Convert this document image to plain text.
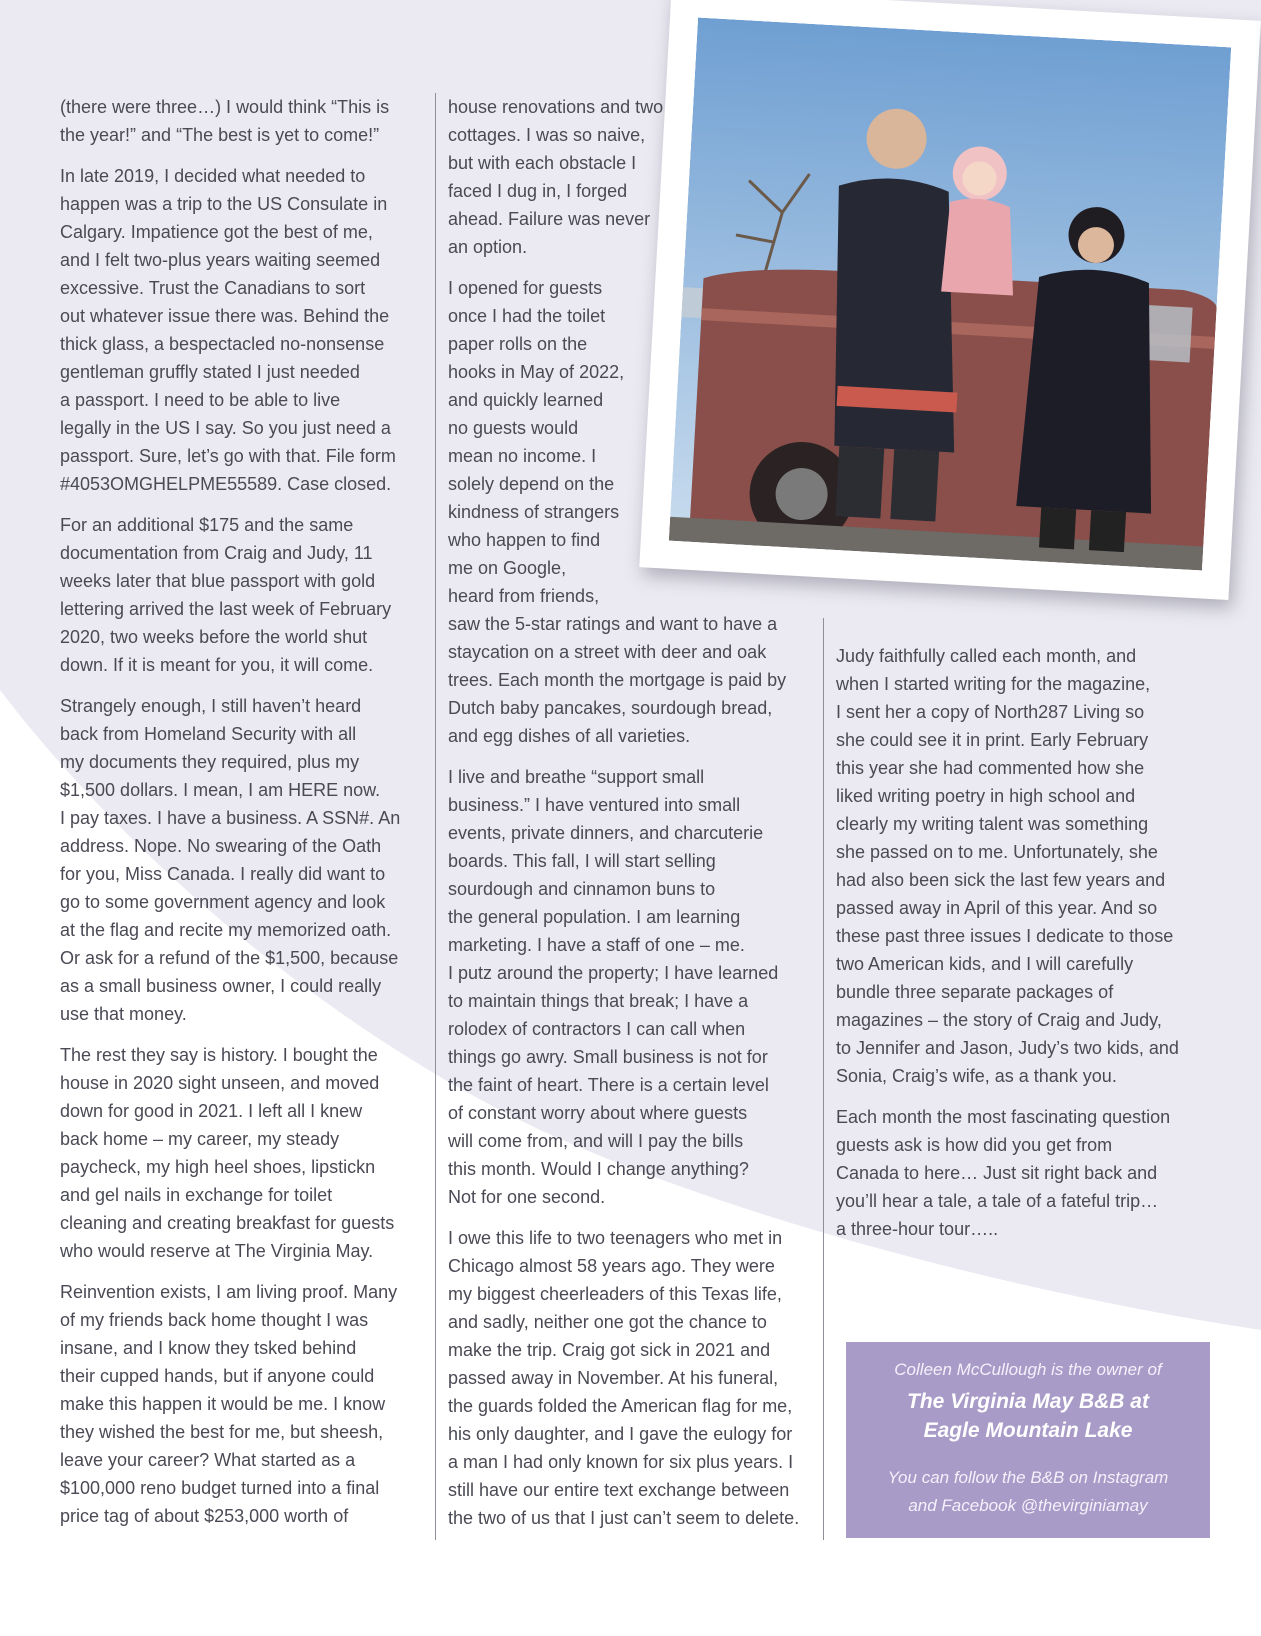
(there were three…) I would think “This is
the year!” and “The best is yet to come!”

In late 2019, I decided what needed to
happen was a trip to the US Consulate in
Calgary. Impatience got the best of me,
and I felt two-plus years waiting seemed
excessive. Trust the Canadians to sort
out whatever issue there was. Behind the
thick glass, a bespectacled no-nonsense
gentleman gruffly stated I just needed
a passport. I need to be able to live
legally in the US I say. So you just need a
passport. Sure, let’s go with that. File form
#4053OMGHELPME55589. Case closed.

For an additional $175 and the same
documentation from Craig and Judy, 11
weeks later that blue passport with gold
lettering arrived the last week of February
2020, two weeks before the world shut
down. If it is meant for you, it will come.

Strangely enough, I still haven’t heard
back from Homeland Security with all
my documents they required, plus my
$1,500 dollars. I mean, I am HERE now.
I pay taxes. I have a business. A SSN#. An
address. Nope. No swearing of the Oath
for you, Miss Canada. I really did want to
go to some government agency and look
at the flag and recite my memorized oath.
Or ask for a refund of the $1,500, because
as a small business owner, I could really
use that money.

The rest they say is history. I bought the
house in 2020 sight unseen, and moved
down for good in 2021. I left all I knew
back home – my career, my steady
paycheck, my high heel shoes, lipstickn
and gel nails in exchange for toilet
cleaning and creating breakfast for guests
who would reserve at The Virginia May.

Reinvention exists, I am living proof. Many
of my friends back home thought I was
insane, and I know they tsked behind
their cupped hands, but if anyone could
make this happen it would be me. I know
they wished the best for me, but sheesh,
leave your career? What started as a
$100,000 reno budget turned into a final
price tag of about $253,000 worth of

house renovations and two
cottages. I was so naive,
but with each obstacle I
faced I dug in, I forged
ahead. Failure was never
an option.

I opened for guests
once I had the toilet
paper rolls on the
hooks in May of 2022,
and quickly learned
no guests would
mean no income. I
solely depend on the
kindness of strangers
who happen to find
me on Google,
heard from friends,
saw the 5-star ratings and want to have a
staycation on a street with deer and oak
trees. Each month the mortgage is paid by
Dutch baby pancakes, sourdough bread,
and egg dishes of all varieties.

I live and breathe “support small
business.” I have ventured into small
events, private dinners, and charcuterie
boards. This fall, I will start selling
sourdough and cinnamon buns to
the general population. I am learning
marketing. I have a staff of one – me.
I putz around the property; I have learned
to maintain things that break; I have a
rolodex of contractors I can call when
things go awry. Small business is not for
the faint of heart. There is a certain level
of constant worry about where guests
will come from, and will I pay the bills
this month. Would I change anything?
Not for one second.

I owe this life to two teenagers who met in
Chicago almost 58 years ago. They were
my biggest cheerleaders of this Texas life,
and sadly, neither one got the chance to
make the trip. Craig got sick in 2021 and
passed away in November. At his funeral,
the guards folded the American flag for me,
his only daughter, and I gave the eulogy for
a man I had only known for six plus years. I
still have our entire text exchange between
the two of us that I just can’t seem to delete.

Judy faithfully called each month, and
when I started writing for the magazine,
I sent her a copy of North287 Living so
she could see it in print. Early February
this year she had commented how she
liked writing poetry in high school and
clearly my writing talent was something
she passed on to me. Unfortunately, she
had also been sick the last few years and
passed away in April of this year. And so
these past three issues I dedicate to those
two American kids, and I will carefully
bundle three separate packages of
magazines – the story of Craig and Judy,
to Jennifer and Jason, Judy’s two kids, and
Sonia, Craig’s wife, as a thank you.

Each month the most fascinating question
guests ask is how did you get from
Canada to here… Just sit right back and
you’ll hear a tale, a tale of a fateful trip…
a three-hour tour…..

Colleen McCullough is the owner of
The Virginia May B&B at
Eagle Mountain Lake
You can follow the B&B on Instagram
and Facebook @thevirginiamay
